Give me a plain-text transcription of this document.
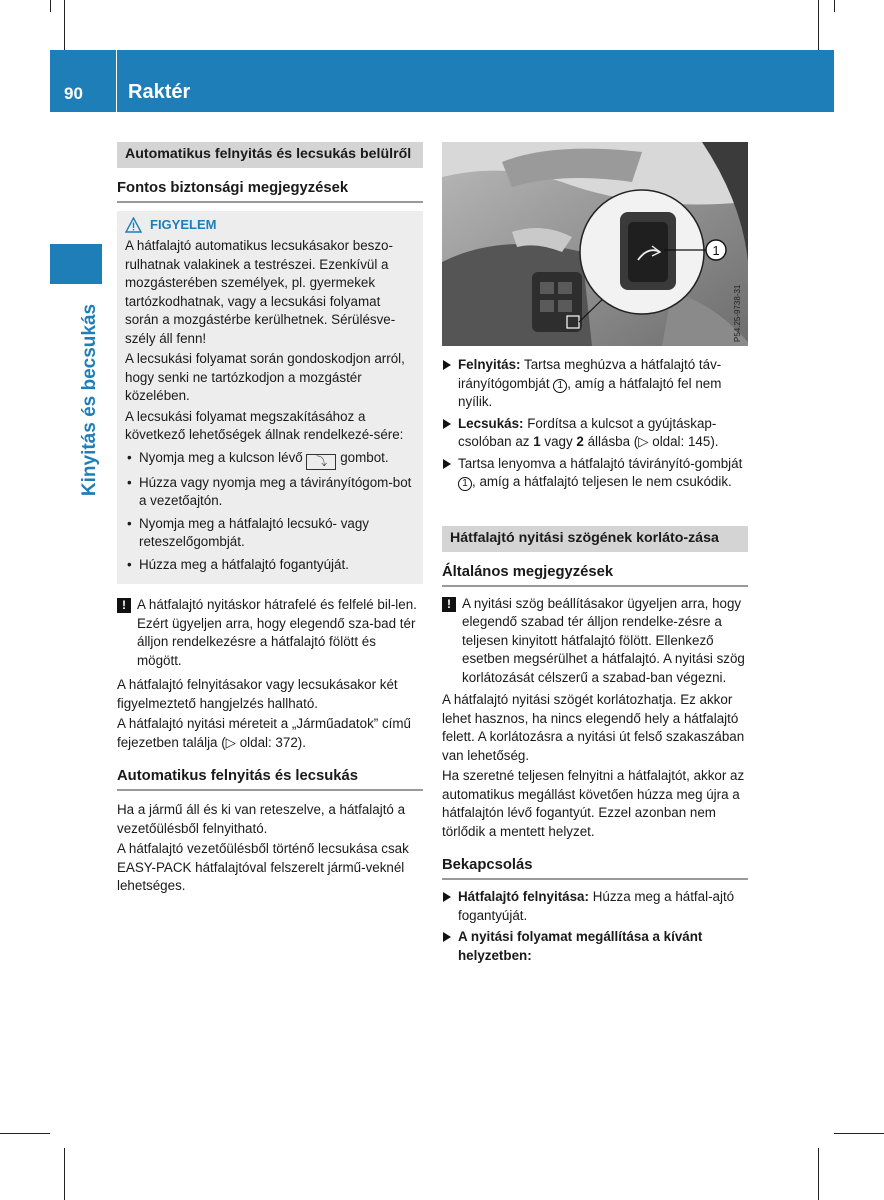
90 Raktér
Kinyitás és becsukás
Automatikus felnyitás és lecsukás belülről
Fontos biztonsági megjegyzések
FIGYELEM

A hátfalajtó automatikus lecsukásakor beszo-rulhatnak valakinek a testrészei. Ezenkívül a mozgásterében személyek, pl. gyermekek tartózkodhatnak, vagy a lecsukási folyamat során a mozgástérbe kerülhetnek. Sérülésve-szély áll fenn!

A lecsukási folyamat során gondoskodjon arról, hogy senki ne tartózkodjon a mozgástér közelében.

A lecsukási folyamat megszakításához a következő lehetőségek állnak rendelkezé-sére:

• Nyomja meg a kulcson lévő ⤵ gombot.
• Húzza vagy nyomja meg a távirányítógom-bot a vezetőajtón.
• Nyomja meg a hátfalajtó lecsukó- vagy reteszelőgombját.
• Húzza meg a hátfalajtó fogantyúját.
! A hátfalajtó nyitáskor hátrafelé és felfelé bil-len. Ezért ügyeljen arra, hogy elegendő sza-bad tér álljon rendelkezésre a hátfalajtó fölött és mögött.

A hátfalajtó felnyitásakor vagy lecsukásakor két figyelmeztető hangjelzés hallható.

A hátfalajtó nyitási méreteit a „Járműadatok” című fejezetben találja (▷ oldal: 372).

Automatikus felnyitás és lecsukás

Ha a jármű áll és ki van reteszelve, a hátfalajtó a vezetőülésből felnyitható.

A hátfalajtó vezetőülésből történő lecsukása csak EASY-PACK hátfalajtóval felszerelt jármű-veknél lehetséges.

1
P54.25-9738-31
Felnyitás: Tartsa meghúzva a hátfalajtó táv-irányítógombját 1 , amíg a hátfalajtó fel nem nyílik.
Lecsukás: Fordítsa a kulcsot a gyújtáskap-csolóban az 1 vagy 2 állásba (▷ oldal: 145).
Tartsa lenyomva a hátfalajtó távirányító-gombját 1 , amíg a hátfalajtó teljesen le nem csukódik.
Hátfalajtó nyitási szögének korláto-zása
Általános megjegyzések
! A nyitási szög beállításakor ügyeljen arra, hogy elegendő szabad tér álljon rendelke-zésre a teljesen kinyitott hátfalajtó fölött. Ellenkező esetben megsérülhet a hátfalajtó. A nyitási szög korlátozását célszerű a szabad-ban végezni.

A hátfalajtó nyitási szögét korlátozhatja. Ez akkor lehet hasznos, ha nincs elegendő hely a hátfalajtó felett. A korlátozásra a nyitási út felső szakaszában van lehetőség.

Ha szeretné teljesen felnyitni a hátfalajtót, akkor az automatikus megállást követően húzza meg újra a hátfalajtón lévő fogantyút. Ezzel azonban nem törlődik a mentett helyzet.

Bekapcsolás
Hátfalajtó felnyitása: Húzza meg a hátfal-ajtó fogantyúját.
A nyitási folyamat megállítása a kívánt helyzetben:
